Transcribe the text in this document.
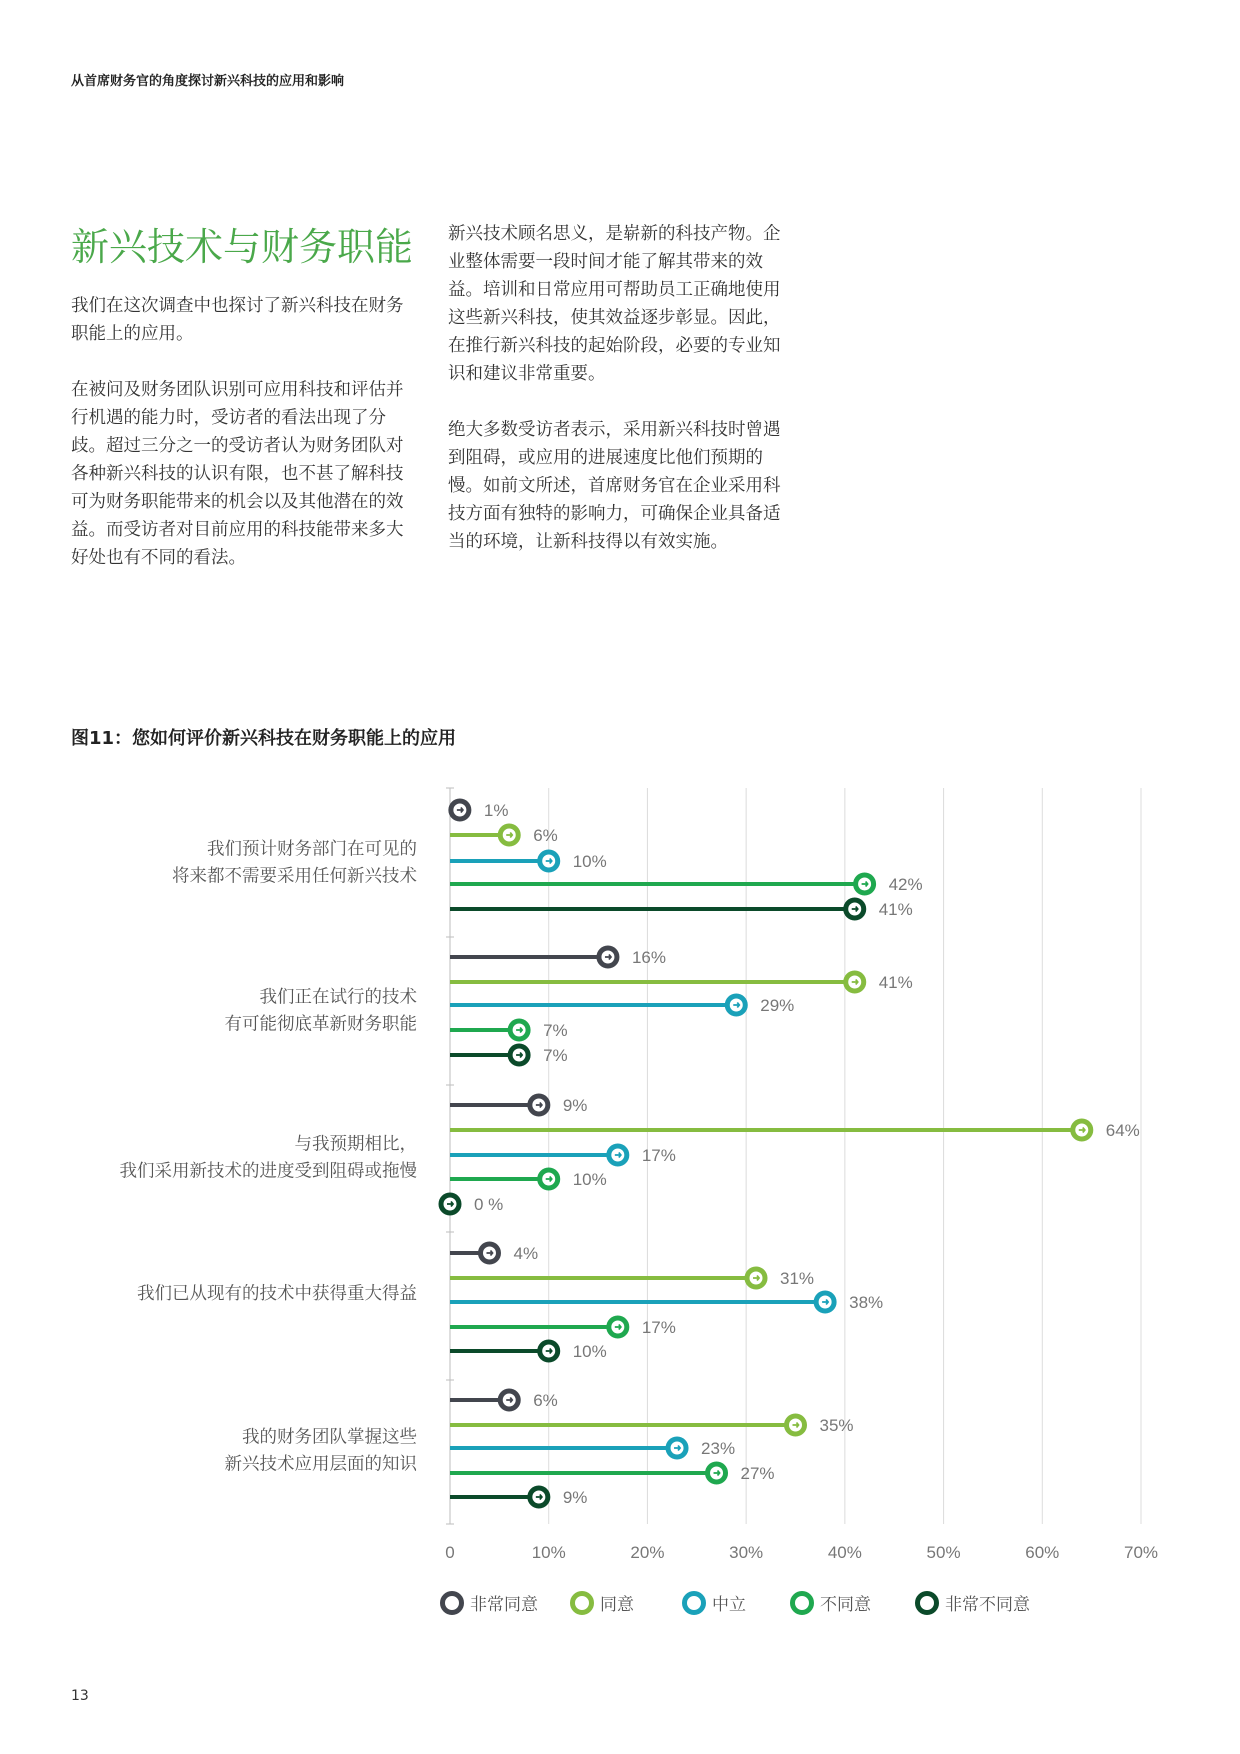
从首席财务官的角度探讨新兴科技的应用和影响
新兴技术与财务职能

我们在这次调查中也探讨了新兴科技在财务职能上的应用。

在被问及财务团队识别可应用科技和评估并行机遇的能力时，受访者的看法出现了分歧。超过三分之一的受访者认为财务团队对各种新兴科技的认识有限，也不甚了解科技可为财务职能带来的机会以及其他潜在的效益。而受访者对目前应用的科技能带来多大好处也有不同的看法。

新兴技术顾名思义，是崭新的科技产物。企业整体需要一段时间才能了解其带来的效益。培训和日常应用可帮助员工正确地使用这些新兴科技，使其效益逐步彰显。因此，在推行新兴科技的起始阶段，必要的专业知识和建议非常重要。

绝大多数受访者表示，采用新兴科技时曾遇到阻碍，或应用的进展速度比他们预期的慢。如前文所述，首席财务官在企业采用科技方面有独特的影响力，可确保企业具备适当的环境，让新科技得以有效实施。

图11：您如何评价新兴科技在财务职能上的应用
0	10%	20%	30%	40%	50%	60%	70%
我们预计财务部门在可见的
将来都不需要采用任何新兴技术
1%
6%
10%
42%
41%
我们正在试行的技术
有可能彻底革新财务职能
16%
41%
29%
7%
7%
与我预期相比，
我们采用新技术的进度受到阻碍或拖慢
9%
64%
17%
10%
0 %
我们已从现有的技术中获得重大得益
4%
31%
38%
17%
10%
我的财务团队掌握这些
新兴技术应用层面的知识
6%
35%
23%
27%
9%
非常同意	同意	中立	不同意	非常不同意
13
